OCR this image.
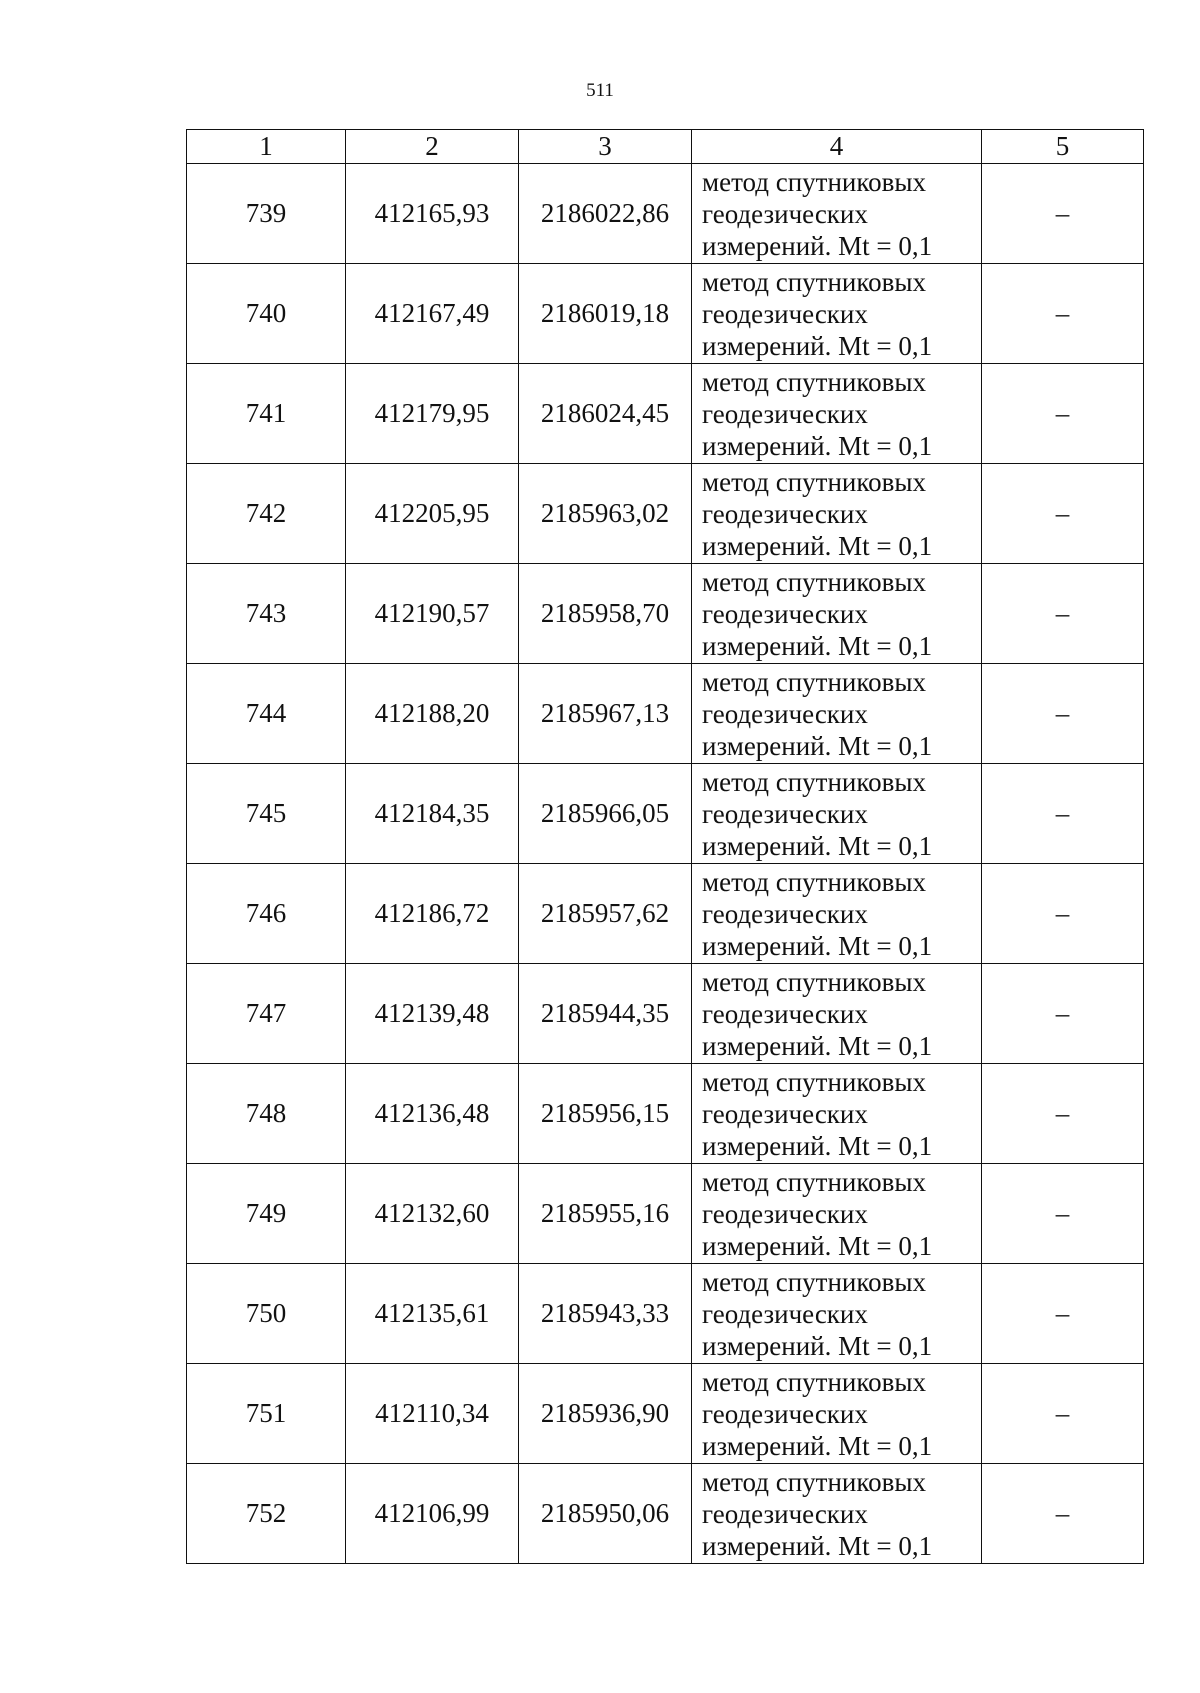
511
1	2	3	4	5
739	412165,93	2186022,86	метод спутниковых
геодезических
измерений. Mt = 0,1	–
740	412167,49	2186019,18	метод спутниковых
геодезических
измерений. Mt = 0,1	–
741	412179,95	2186024,45	метод спутниковых
геодезических
измерений. Mt = 0,1	–
742	412205,95	2185963,02	метод спутниковых
геодезических
измерений. Mt = 0,1	–
743	412190,57	2185958,70	метод спутниковых
геодезических
измерений. Mt = 0,1	–
744	412188,20	2185967,13	метод спутниковых
геодезических
измерений. Mt = 0,1	–
745	412184,35	2185966,05	метод спутниковых
геодезических
измерений. Mt = 0,1	–
746	412186,72	2185957,62	метод спутниковых
геодезических
измерений. Mt = 0,1	–
747	412139,48	2185944,35	метод спутниковых
геодезических
измерений. Mt = 0,1	–
748	412136,48	2185956,15	метод спутниковых
геодезических
измерений. Mt = 0,1	–
749	412132,60	2185955,16	метод спутниковых
геодезических
измерений. Mt = 0,1	–
750	412135,61	2185943,33	метод спутниковых
геодезических
измерений. Mt = 0,1	–
751	412110,34	2185936,90	метод спутниковых
геодезических
измерений. Mt = 0,1	–
752	412106,99	2185950,06	метод спутниковых
геодезических
измерений. Mt = 0,1	–
